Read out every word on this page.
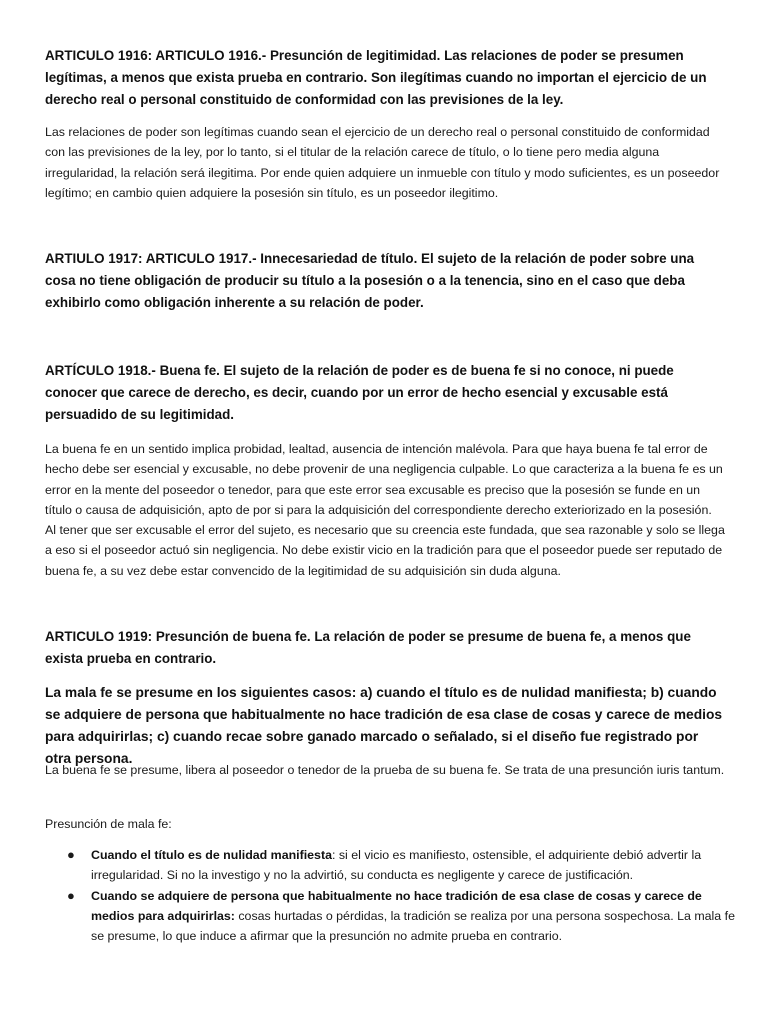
ARTICULO 1916: ARTICULO 1916.- Presunción de legitimidad. Las relaciones de poder se presumen legítimas, a menos que exista prueba en contrario. Son ilegítimas cuando no importan el ejercicio de un derecho real o personal constituido de conformidad con las previsiones de la ley.

Las relaciones de poder son legítimas cuando sean el ejercicio de un derecho real o personal constituido de conformidad con las previsiones de la ley, por lo tanto, si el titular de la relación carece de título, o lo tiene pero media alguna irregularidad, la relación será ilegitima. Por ende quien adquiere un inmueble con título y modo suficientes, es un poseedor legítimo; en cambio quien adquiere la posesión sin título, es un poseedor ilegitimo.

ARTIULO 1917: ARTICULO 1917.- Innecesariedad de título. El sujeto de la relación de poder sobre una cosa no tiene obligación de producir su título a la posesión o a la tenencia, sino en el caso que deba exhibirlo como obligación inherente a su relación de poder.

ARTÍCULO 1918.- Buena fe. El sujeto de la relación de poder es de buena fe si no conoce, ni puede conocer que carece de derecho, es decir, cuando por un error de hecho esencial y excusable está persuadido de su legitimidad.

La buena fe en un sentido implica probidad, lealtad, ausencia de intención malévola. Para que haya buena fe tal error de hecho debe ser esencial y excusable, no debe provenir de una negligencia culpable. Lo que caracteriza a la buena fe es un error en la mente del poseedor o tenedor, para que este error sea excusable es preciso que la posesión se funde en un título o causa de adquisición, apto de por si para la adquisición del correspondiente derecho exteriorizado en la posesión. Al tener que ser excusable el error del sujeto, es necesario que su creencia este fundada, que sea razonable y solo se llega a eso si el poseedor actuó sin negligencia. No debe existir vicio en la tradición para que el poseedor puede ser reputado de buena fe, a su vez debe estar convencido de la legitimidad de su adquisición sin duda alguna.

ARTICULO 1919: Presunción de buena fe. La relación de poder se presume de buena fe, a menos que exista prueba en contrario.

La mala fe se presume en los siguientes casos: a) cuando el título es de nulidad manifiesta; b) cuando se adquiere de persona que habitualmente no hace tradición de esa clase de cosas y carece de medios para adquirirlas; c) cuando recae sobre ganado marcado o señalado, si el diseño fue registrado por otra persona.

La buena fe se presume, libera al poseedor o tenedor de la prueba de su buena fe. Se trata de una presunción iuris tantum.

Presunción de mala fe:

● Cuando el título es de nulidad manifiesta: si el vicio es manifiesto, ostensible, el adquiriente debió advertir la irregularidad. Si no la investigo y no la advirtió, su conducta es negligente y carece de justificación.
● Cuando se adquiere de persona que habitualmente no hace tradición de esa clase de cosas y carece de medios para adquirirlas: cosas hurtadas o pérdidas, la tradición se realiza por una persona sospechosa. La mala fe se presume, lo que induce a afirmar que la presunción no admite prueba en contrario.
